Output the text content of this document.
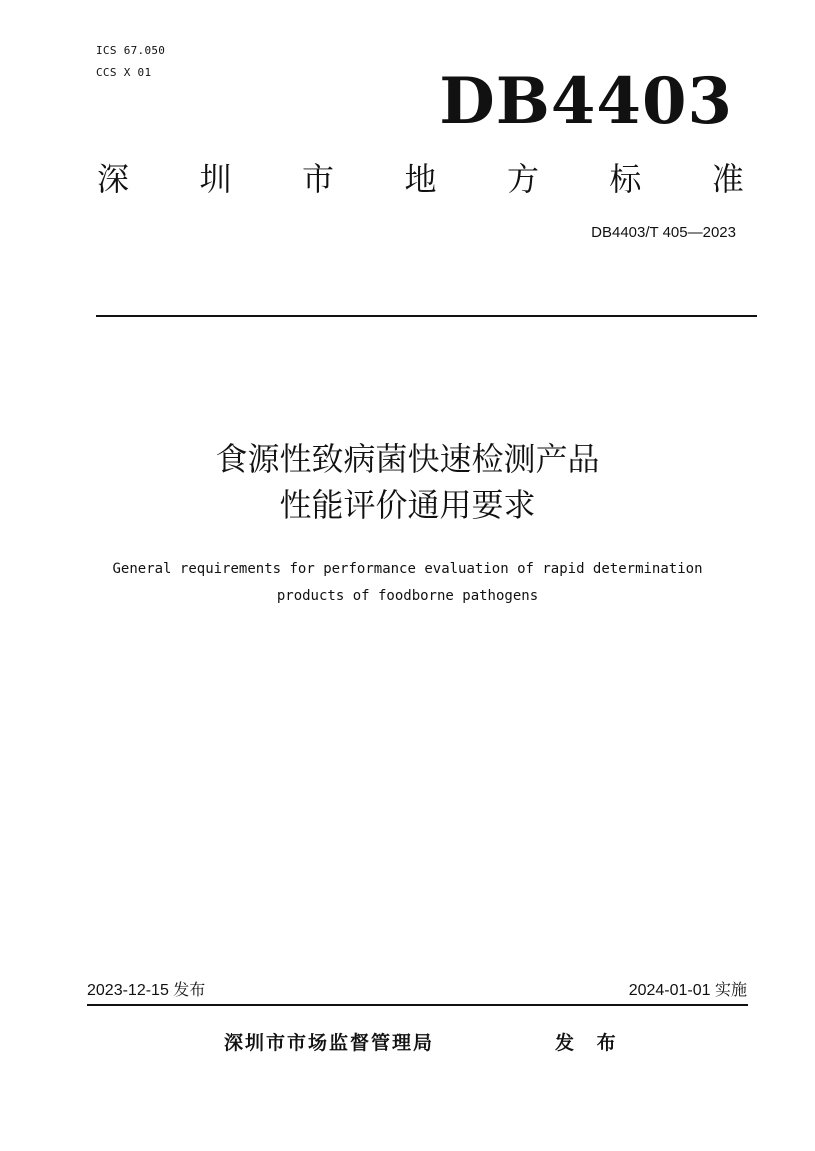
ICS 67.050
CCS X 01	DB4403
深 圳 市 地 方 标 准
DB4403/T 405—2023
食源性致病菌快速检测产品
性能评价通用要求
General requirements for performance evaluation of rapid determination
products of foodborne pathogens
2023-12-15 发布	2024-01-01 实施
深圳市市场监督管理局	发 布
